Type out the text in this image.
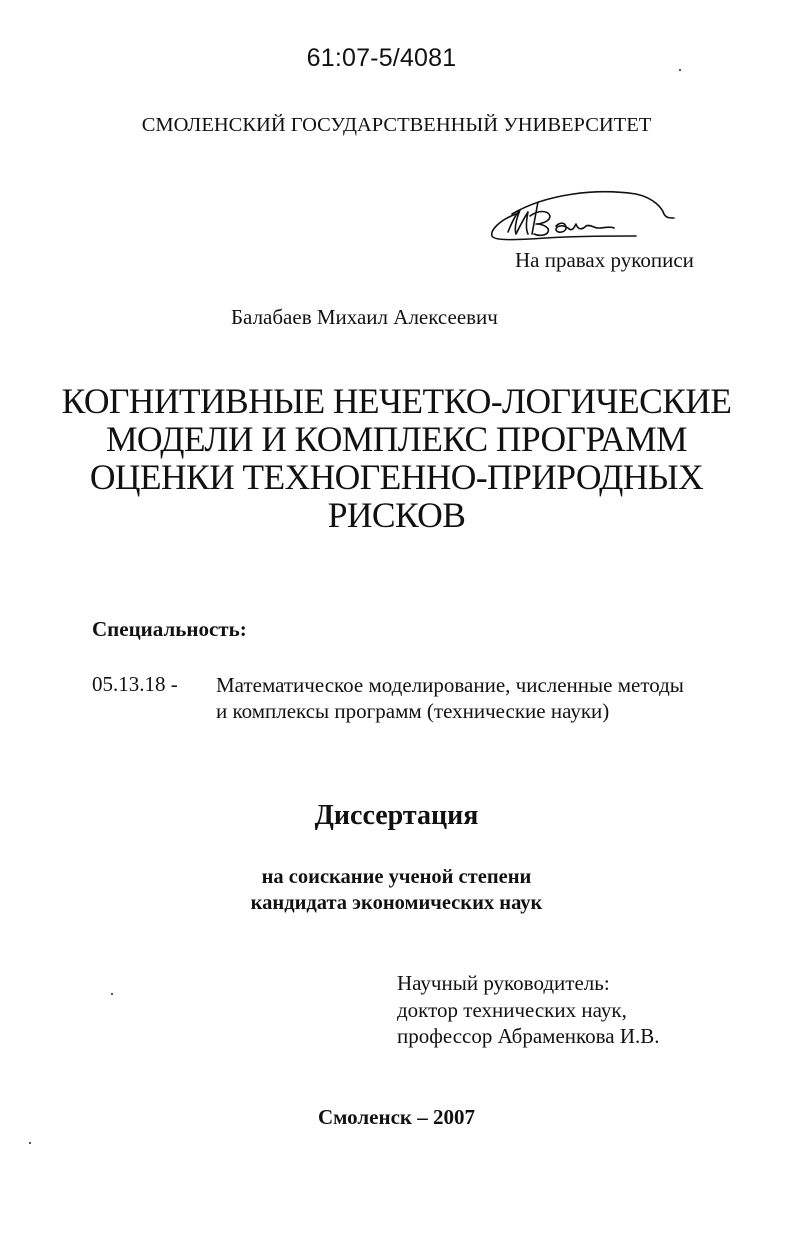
61:07-5/4081
СМОЛЕНСКИЙ ГОСУДАРСТВЕННЫЙ УНИВЕРСИТЕТ
На правах рукописи
Балабаев Михаил Алексеевич
КОГНИТИВНЫЕ НЕЧЕТКО-ЛОГИЧЕСКИЕ
МОДЕЛИ И КОМПЛЕКС ПРОГРАММ
ОЦЕНКИ ТЕХНОГЕННО-ПРИРОДНЫХ
РИСКОВ
Специальность:
05.13.18 - Математическое моделирование, численные методы
и комплексы программ (технические науки)
Диссертация
на соискание ученой степени
кандидата экономических наук
Научный руководитель:
доктор технических наук,
профессор Абраменкова И.В.
Смоленск – 2007
